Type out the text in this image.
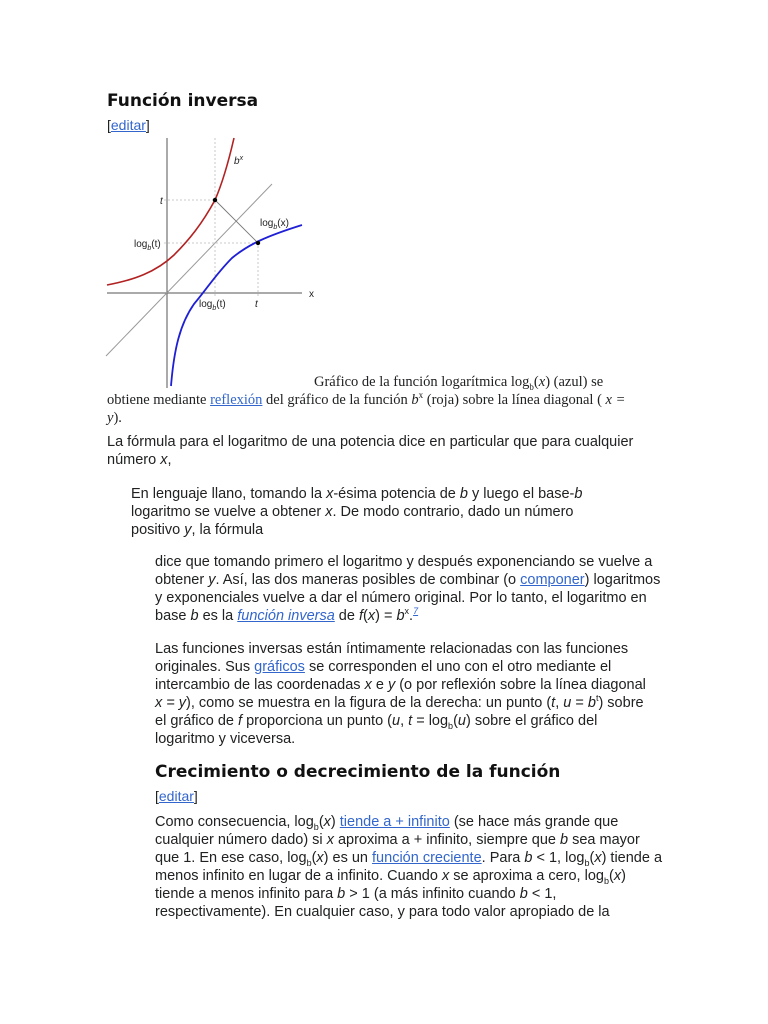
Función inversa
[editar]
$b^x$
$\log_b(x)$
t
$\log_b(t)$
x
$\log_b(t)$	t
Gráfico de la función logarítmica $\log_b(x)$ (azul) se obtiene mediante reflexión del gráfico de la función $b^x$ (roja) sobre la línea diagonal ( x = y).
La fórmula para el logaritmo de una potencia dice en particular que para cualquier número x,
En lenguaje llano, tomando la x-ésima potencia de b y luego el base-b logaritmo se vuelve a obtener x. De modo contrario, dado un número positivo y, la fórmula
dice que tomando primero el logaritmo y después exponenciando se vuelve a obtener y. Así, las dos maneras posibles de combinar (o componer) logaritmos y exponenciales vuelve a dar el número original. Por lo tanto, el logaritmo en base b es la función inversa de $f(x) = b^x.^7$
Las funciones inversas están íntimamente relacionadas con las funciones originales. Sus gráficos se corresponden el uno con el otro mediante el intercambio de las coordenadas x e y (o por reflexión sobre la línea diagonal x = y), como se muestra en la figura de la derecha: un punto (t, $u = b^t$) sobre el gráfico de f proporciona un punto (u, $t = \log_b(u)$ sobre el gráfico del logaritmo y viceversa.
Crecimiento o decrecimiento de la función
[editar]
Como consecuencia, $\log_b(x)$ tiende a + infinito (se hace más grande que cualquier número dado) si x aproxima a + infinito, siempre que b sea mayor que 1. En ese caso, $\log_b(x)$ es un función creciente. Para b < 1, $\log_b(x)$ tiende a menos infinito en lugar de a infinito. Cuando x se aproxima a cero, $\log_b(x)$ tiende a menos infinito para b > 1 (a más infinito cuando b < 1, respectivamente). En cualquier caso, y para todo valor apropiado de la
